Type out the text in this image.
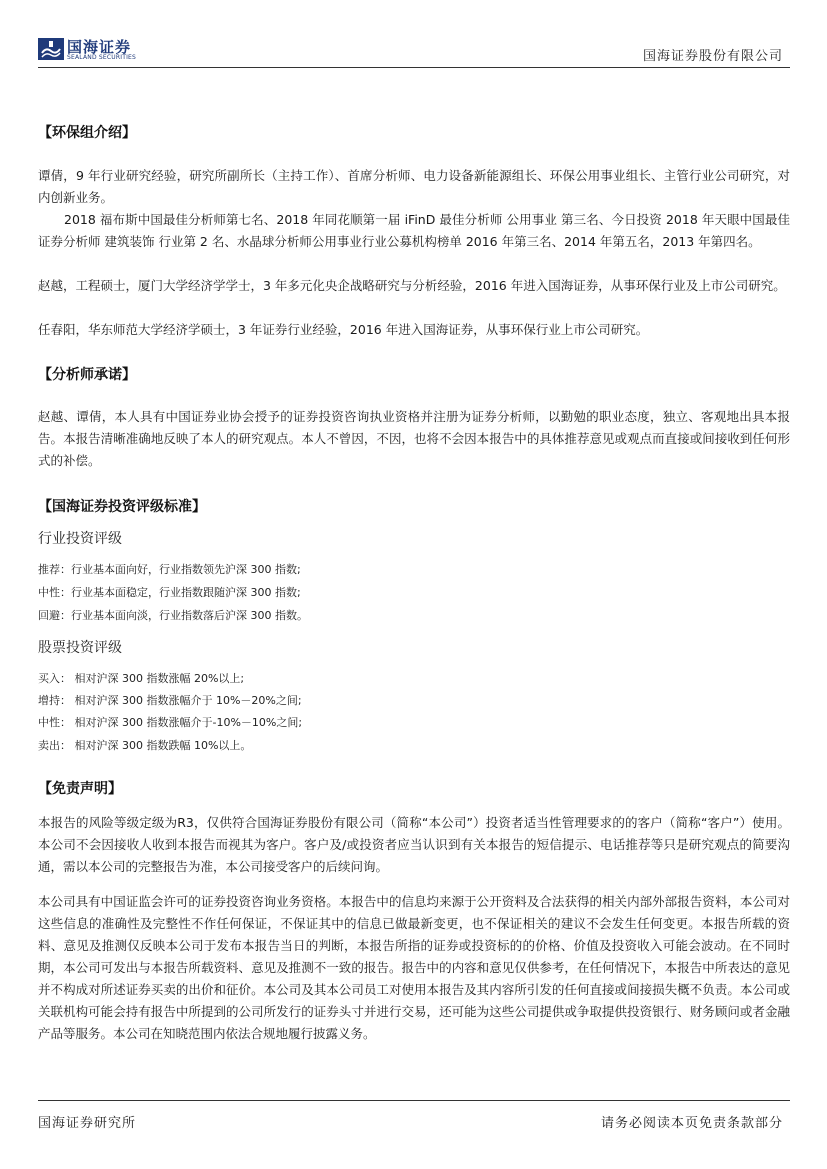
国海证券
SEALAND SECURITIES	国海证券股份有限公司
【环保组介绍】
谭倩，9 年行业研究经验，研究所副所长（主持工作）、首席分析师、电力设备新能源组长、环保公用事业组长、主管行业公司研究，对内创新业务。
2018 福布斯中国最佳分析师第七名、2018 年同花顺第一届 iFinD 最佳分析师 公用事业 第三名、今日投资 2018 年天眼中国最佳证券分析师 建筑装饰 行业第 2 名、水晶球分析师公用事业行业公募机构榜单 2016 年第三名、2014 年第五名，2013 年第四名。
赵越，工程硕士，厦门大学经济学学士，3 年多元化央企战略研究与分析经验，2016 年进入国海证券，从事环保行业及上市公司研究。
任春阳，华东师范大学经济学硕士，3 年证券行业经验，2016 年进入国海证券，从事环保行业上市公司研究。
【分析师承诺】
赵越、谭倩，本人具有中国证券业协会授予的证券投资咨询执业资格并注册为证券分析师，以勤勉的职业态度，独立、客观地出具本报告。本报告清晰准确地反映了本人的研究观点。本人不曾因，不因，也将不会因本报告中的具体推荐意见或观点而直接或间接收到任何形式的补偿。
【国海证券投资评级标准】
行业投资评级
推荐：行业基本面向好，行业指数领先沪深 300 指数;
中性：行业基本面稳定，行业指数跟随沪深 300 指数;
回避：行业基本面向淡，行业指数落后沪深 300 指数。
股票投资评级
买入： 相对沪深 300 指数涨幅 20%以上;
增持： 相对沪深 300 指数涨幅介于 10%－20%之间;
中性： 相对沪深 300 指数涨幅介于-10%－10%之间;
卖出： 相对沪深 300 指数跌幅 10%以上。
【免责声明】
本报告的风险等级定级为R3，仅供符合国海证券股份有限公司（简称“本公司”）投资者适当性管理要求的的客户（简称“客户”）使用。本公司不会因接收人收到本报告而视其为客户。客户及/或投资者应当认识到有关本报告的短信提示、电话推荐等只是研究观点的简要沟通，需以本公司的完整报告为准，本公司接受客户的后续问询。
本公司具有中国证监会许可的证券投资咨询业务资格。本报告中的信息均来源于公开资料及合法获得的相关内部外部报告资料，本公司对这些信息的准确性及完整性不作任何保证，不保证其中的信息已做最新变更，也不保证相关的建议不会发生任何变更。本报告所载的资料、意见及推测仅反映本公司于发布本报告当日的判断，本报告所指的证券或投资标的的价格、价值及投资收入可能会波动。在不同时期，本公司可发出与本报告所载资料、意见及推测不一致的报告。报告中的内容和意见仅供参考，在任何情况下，本报告中所表达的意见并不构成对所述证券买卖的出价和征价。本公司及其本公司员工对使用本报告及其内容所引发的任何直接或间接损失概不负责。本公司或关联机构可能会持有报告中所提到的公司所发行的证券头寸并进行交易，还可能为这些公司提供或争取提供投资银行、财务顾问或者金融产品等服务。本公司在知晓范围内依法合规地履行披露义务。
国海证券研究所	请务必阅读本页免责条款部分
